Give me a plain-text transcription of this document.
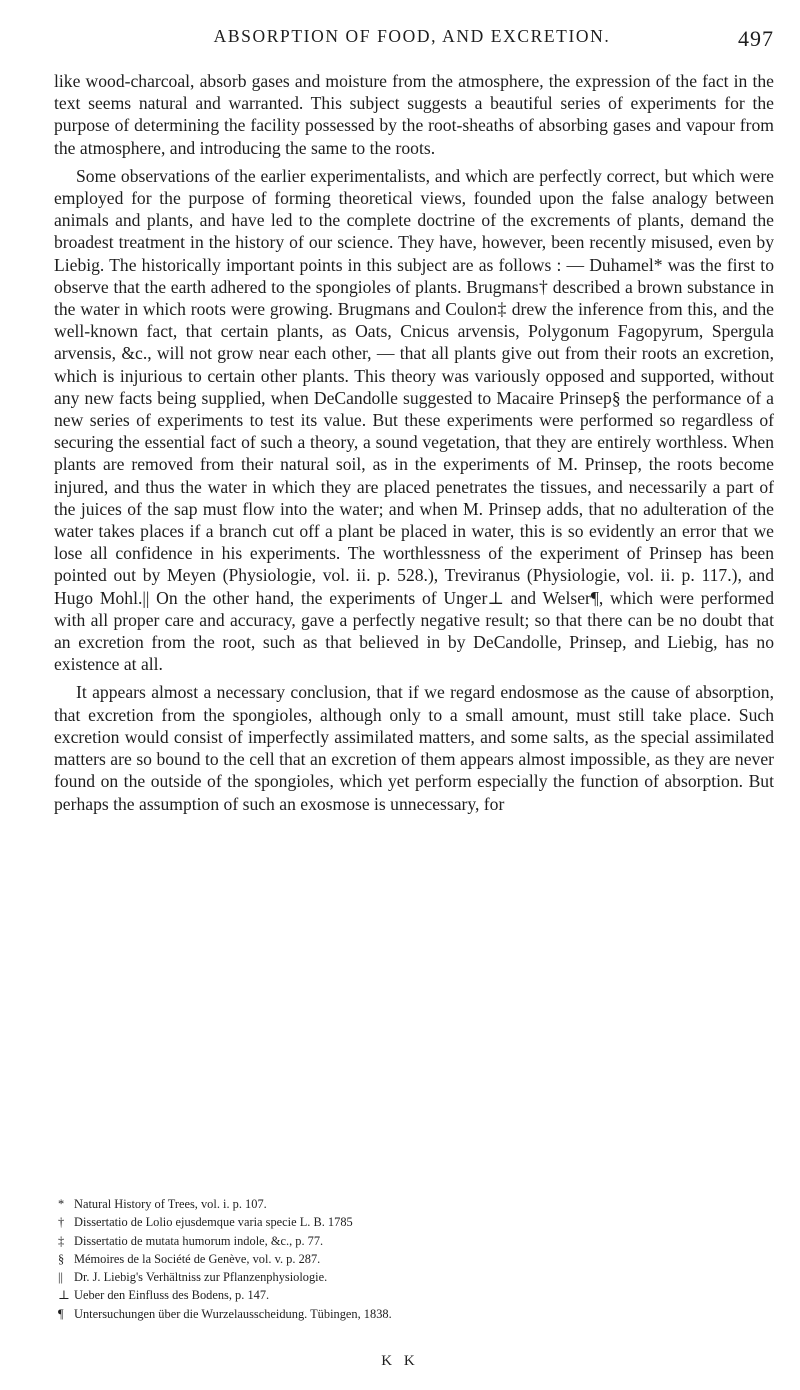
ABSORPTION OF FOOD, AND EXCRETION.	497

like wood-charcoal, absorb gases and moisture from the atmosphere, the expression of the fact in the text seems natural and warranted. This subject suggests a beautiful series of experiments for the purpose of determining the facility possessed by the root-sheaths of absorbing gases and vapour from the atmosphere, and introducing the same to the roots.

Some observations of the earlier experimentalists, and which are perfectly correct, but which were employed for the purpose of forming theoretical views, founded upon the false analogy between animals and plants, and have led to the complete doctrine of the excrements of plants, demand the broadest treatment in the history of our science. They have, however, been recently misused, even by Liebig. The historically important points in this subject are as follows : — Duhamel* was the first to observe that the earth adhered to the spongioles of plants. Brugmans† described a brown substance in the water in which roots were growing. Brugmans and Coulon‡ drew the inference from this, and the well-known fact, that certain plants, as Oats, Cnicus arvensis, Polygonum Fagopyrum, Spergula arvensis, &c., will not grow near each other, — that all plants give out from their roots an excretion, which is injurious to certain other plants. This theory was variously opposed and supported, without any new facts being supplied, when DeCandolle suggested to Macaire Prinsep§ the performance of a new series of experiments to test its value. But these experiments were performed so regardless of securing the essential fact of such a theory, a sound vegetation, that they are entirely worthless. When plants are removed from their natural soil, as in the experiments of M. Prinsep, the roots become injured, and thus the water in which they are placed penetrates the tissues, and necessarily a part of the juices of the sap must flow into the water; and when M. Prinsep adds, that no adulteration of the water takes places if a branch cut off a plant be placed in water, this is so evidently an error that we lose all confidence in his experiments. The worthlessness of the experiment of Prinsep has been pointed out by Meyen (Physiologie, vol. ii. p. 528.), Treviranus (Physiologie, vol. ii. p. 117.), and Hugo Mohl.|| On the other hand, the experiments of Unger⊥ and Welser¶, which were performed with all proper care and accuracy, gave a perfectly negative result; so that there can be no doubt that an excretion from the root, such as that believed in by DeCandolle, Prinsep, and Liebig, has no existence at all.

It appears almost a necessary conclusion, that if we regard endosmose as the cause of absorption, that excretion from the spongioles, although only to a small amount, must still take place. Such excretion would consist of imperfectly assimilated matters, and some salts, as the special assimilated matters are so bound to the cell that an excretion of them appears almost impossible, as they are never found on the outside of the spongioles, which yet perform especially the function of absorption. But perhaps the assumption of such an exosmose is unnecessary, for

* Natural History of Trees, vol. i. p. 107.

† Dissertatio de Lolio ejusdemque varia specie L. B. 1785

‡ Dissertatio de mutata humorum indole, &c., p. 77.

§ Mémoires de la Société de Genève, vol. v. p. 287.

|| Dr. J. Liebig's Verhältniss zur Pflanzenphysiologie.

⊥ Ueber den Einfluss des Bodens, p. 147.

¶ Untersuchungen über die Wurzelausscheidung. Tübingen, 1838.

K K
